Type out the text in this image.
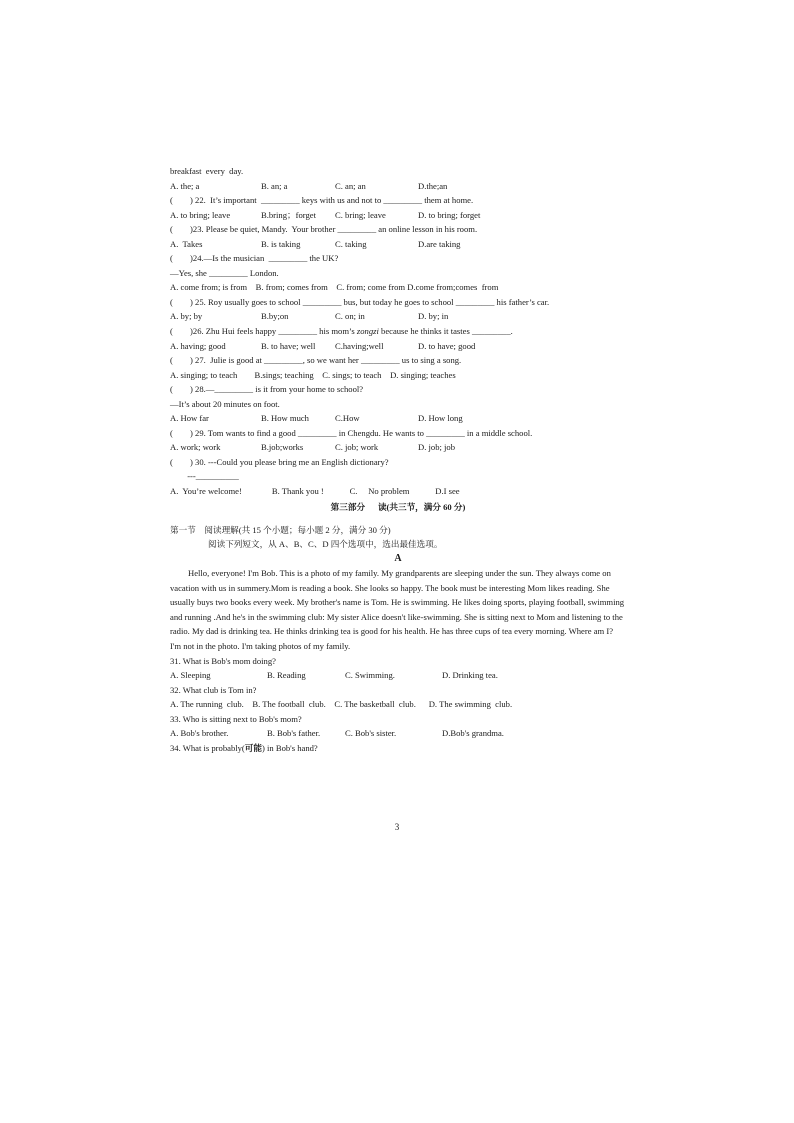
breakfast  every  day.
A. the; a	B. an; a	C. an; an	D.the;an
(        ) 22.  It’s important  _________ keys with us and not to _________ them at home.
A. to bring; leave	B.bring；forget	C. bring; leave	D. to bring; forget
(        )23. Please be quiet, Mandy.  Your brother _________ an online lesson in his room.
A.  Takes	B. is taking	C. taking	D.are taking
(        )24.—Is the musician  _________ the UK?
—Yes, she _________ London.
A. come from; is from    B. from; comes from    C. from; come from D.come from;comes  from
(        ) 25. Roy usually goes to school _________ bus, but today he goes to school _________ his father’s car.
A. by; by	B.by;on	C. on; in	D. by; in
(        )26. Zhu Hui feels happy _________ his mom’s zongzi because he thinks it tastes _________.
A. having; good	B. to have; well	C.having;well	D. to have; good
(        ) 27.  Julie is good at _________, so we want her _________ us to sing a song.
A. singing; to teach        B.sings; teaching    C. sings; to teach    D. singing; teaches
(        ) 28.—_________ is it from your home to school?
—It’s about 20 minutes on foot.
A. How far	B. How much	C.How	D. How long
(        ) 29. Tom wants to find a good _________ in Chengdu. He wants to _________ in a middle school.
A. work; work	B.job;works	C. job; work	D. job; job
(        ) 30. ---Could you please bring me an English dictionary?
---__________
A.  You’re welcome!              B. Thank you !            C.     No problem            D.I see
第三部分      读(共三节，满分 60 分)
第一节    阅读理解(共 15 个小题；每小题 2 分，满分 30 分)
阅读下列短文，从 A、B、C、D 四个选项中，选出最佳选项。
A
Hello, everyone! I'm Bob. This is a photo of my family. My grandparents are sleeping under the sun. They always come on vacation with us in summery.Mom is reading a book. She looks so happy. The book must be interesting Mom likes reading. She usually buys two books every week. My brother's name is Tom. He is swimming. He likes doing sports, playing football, swimming and running .And he's in the swimming club: My sister Alice doesn't like-swimming. She is sitting next to Mom and listening to the radio. My dad is drinking tea. He thinks drinking tea is good for his health. He has three cups of tea every morning. Where am I? I'm not in the photo. I'm taking photos of my family.
31. What is Bob's mom doing?
A. Sleeping	B. Reading	C. Swimming.	D. Drinking tea.
32. What club is Tom in?
A. The running  club.    B. The football  club.    C. The basketball  club.      D. The swimming  club.
33. Who is sitting next to Bob's mom?
A. Bob's brother.	B. Bob's father.	C. Bob's sister.	D.Bob's grandma.
34. What is probably(可能) in Bob's hand?
3
